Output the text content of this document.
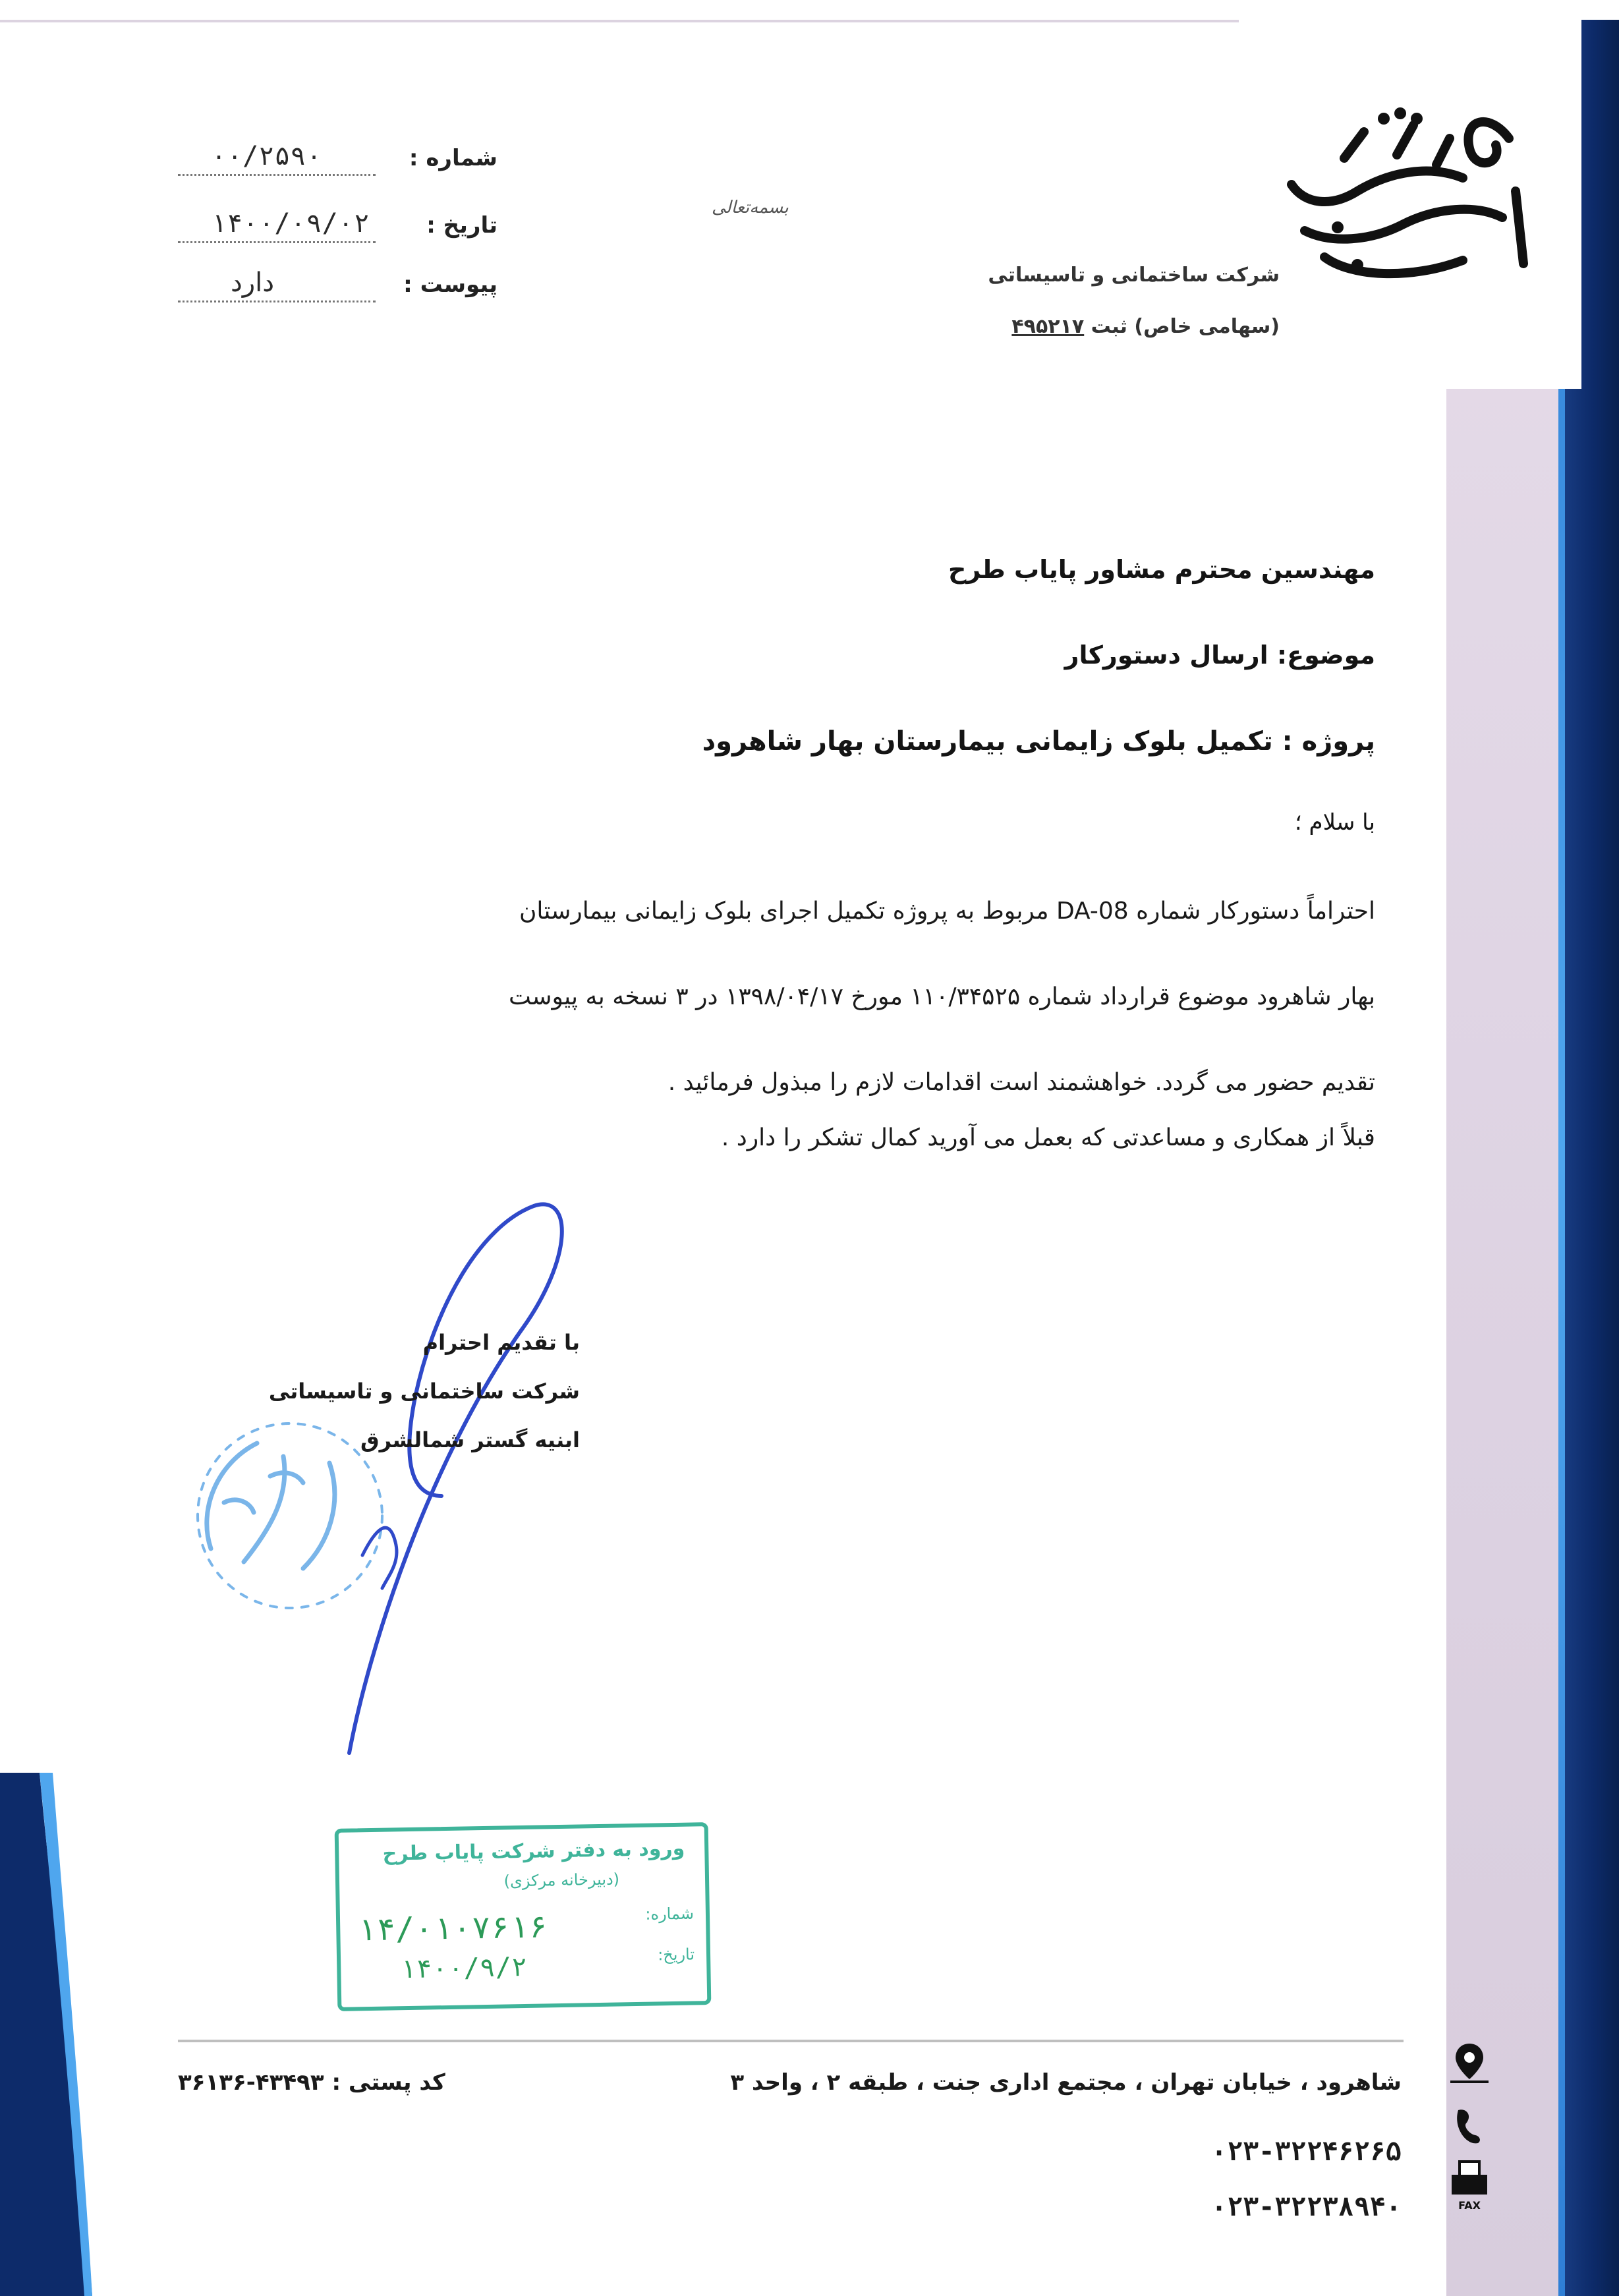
شرکت ساختمانی و تاسیساتی
(سهامی خاص) ثبت ۴۹۵۲۱۷
بسمه‌تعالی
شماره :
۰۰/۲۵۹۰
تاریخ :
۱۴۰۰/۰۹/۰۲
پیوست :
دارد
مهندسین محترم مشاور پایاب طرح
موضوع: ارسال دستورکار
پروژه : تکمیل بلوک زایمانی بیمارستان بهار شاهرود
با سلام ؛

احتراماً دستورکار شماره DA-08 مربوط به پروژه تکمیل اجرای بلوک زایمانی بیمارستان

بهار شاهرود موضوع قرارداد شماره ۱۱۰/۳۴۵۲۵ مورخ ۱۳۹۸/۰۴/۱۷ در ۳ نسخه به پیوست

تقدیم حضور می گردد. خواهشمند است اقدامات لازم را مبذول فرمائید .

قبلاً از همکاری و مساعدتی که بعمل می آورید کمال تشکر را دارد .
با تقدیم احترام
شرکت ساختمانی و تاسیساتی
ابنیه گستر شمالشرق
ورود به دفتر شرکت پایاب طرح
(دبیرخانه مرکزی)
شماره:
تاریخ:
۱۴/۰۱۰۷۶۱۶
۱۴۰۰/۹/۲
شاهرود ، خیابان تهران ، مجتمع اداری جنت ، طبقه ۲ ، واحد ۳
کد پستی : ۴۳۴۹۳-۳۶۱۳۶
۰۲۳-۳۲۲۴۶۲۶۵
۰۲۳-۳۲۲۳۸۹۴۰	FAX
